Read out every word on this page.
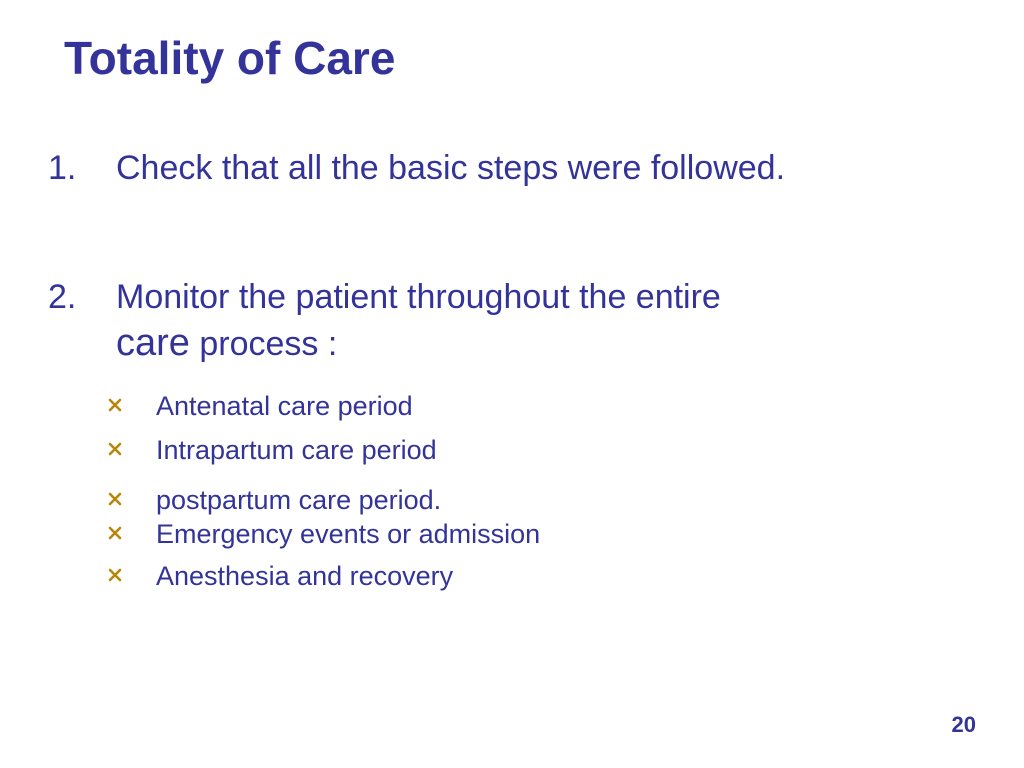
Totality of Care
1. Check that all the basic steps were followed.
2. Monitor the patient throughout the entire
care process :
Antenatal care period
Intrapartum care period
postpartum care period.
Emergency events or admission
Anesthesia and recovery
20
